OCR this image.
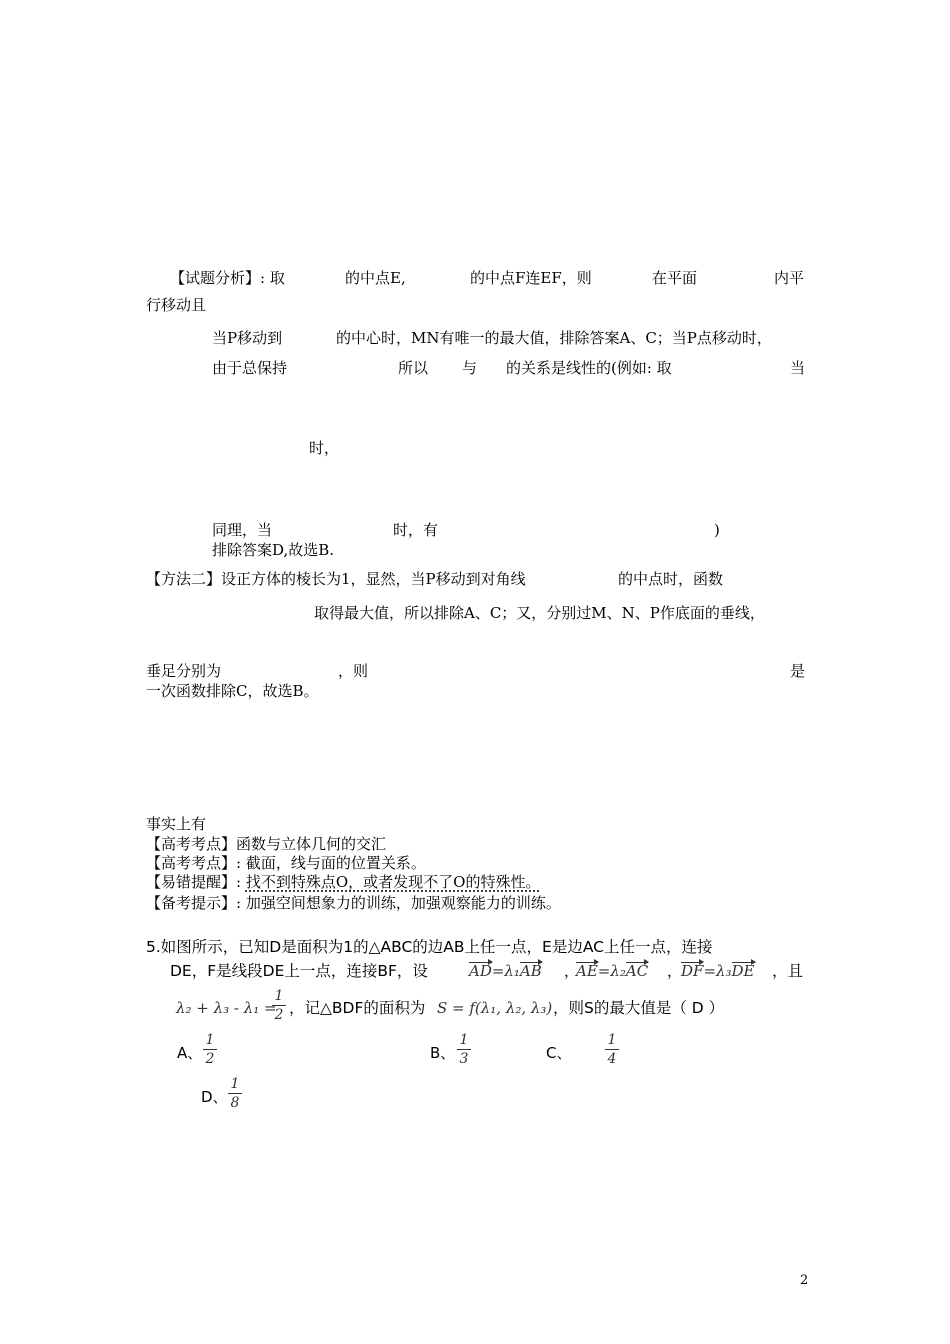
【试题分析】: 取	的中点E,	的中点F连EF，则	在平面	内平
行移动且
当P移动到	的中心时，MN有唯一的最大值，排除答案A、C；当P点移动时，
由于总保持	所以 与 的关系是线性的(例如: 取	当
时，
同理，当	时，有	)
排除答案D,故选B.
【方法二】设正方体的棱长为1，显然，当P移动到对角线	的中点时，函数
取得最大值，所以排除A、C；又，分别过M、N、P作底面的垂线，
垂足分别为	，则	是
一次函数排除C，故选B。
事实上有
【高考考点】函数与立体几何的交汇
【高考考点】: 截面，线与面的位置关系。
【易错提醒】: 找不到特殊点O，或者发现不了O的特殊性。
【备考提示】: 加强空间想象力的训练，加强观察能力的训练。
5.如图所示，已知D是面积为1的△ABC的边AB上任一点，E是边AC上任一点，连接
DE，F是线段DE上一点，连接BF，设	AD=λ₁AB ，
AE=λ₂AC ，
DF=λ₃DE ，且
λ₂ + λ₃ - λ₁ =
1
2 ，记△BDF的面积为 S = f(λ₁, λ₂, λ₃) ，则S的最大值是（ D ）
A、
1
2	B、
1
3	C、
1
4
D、
1
8
2
